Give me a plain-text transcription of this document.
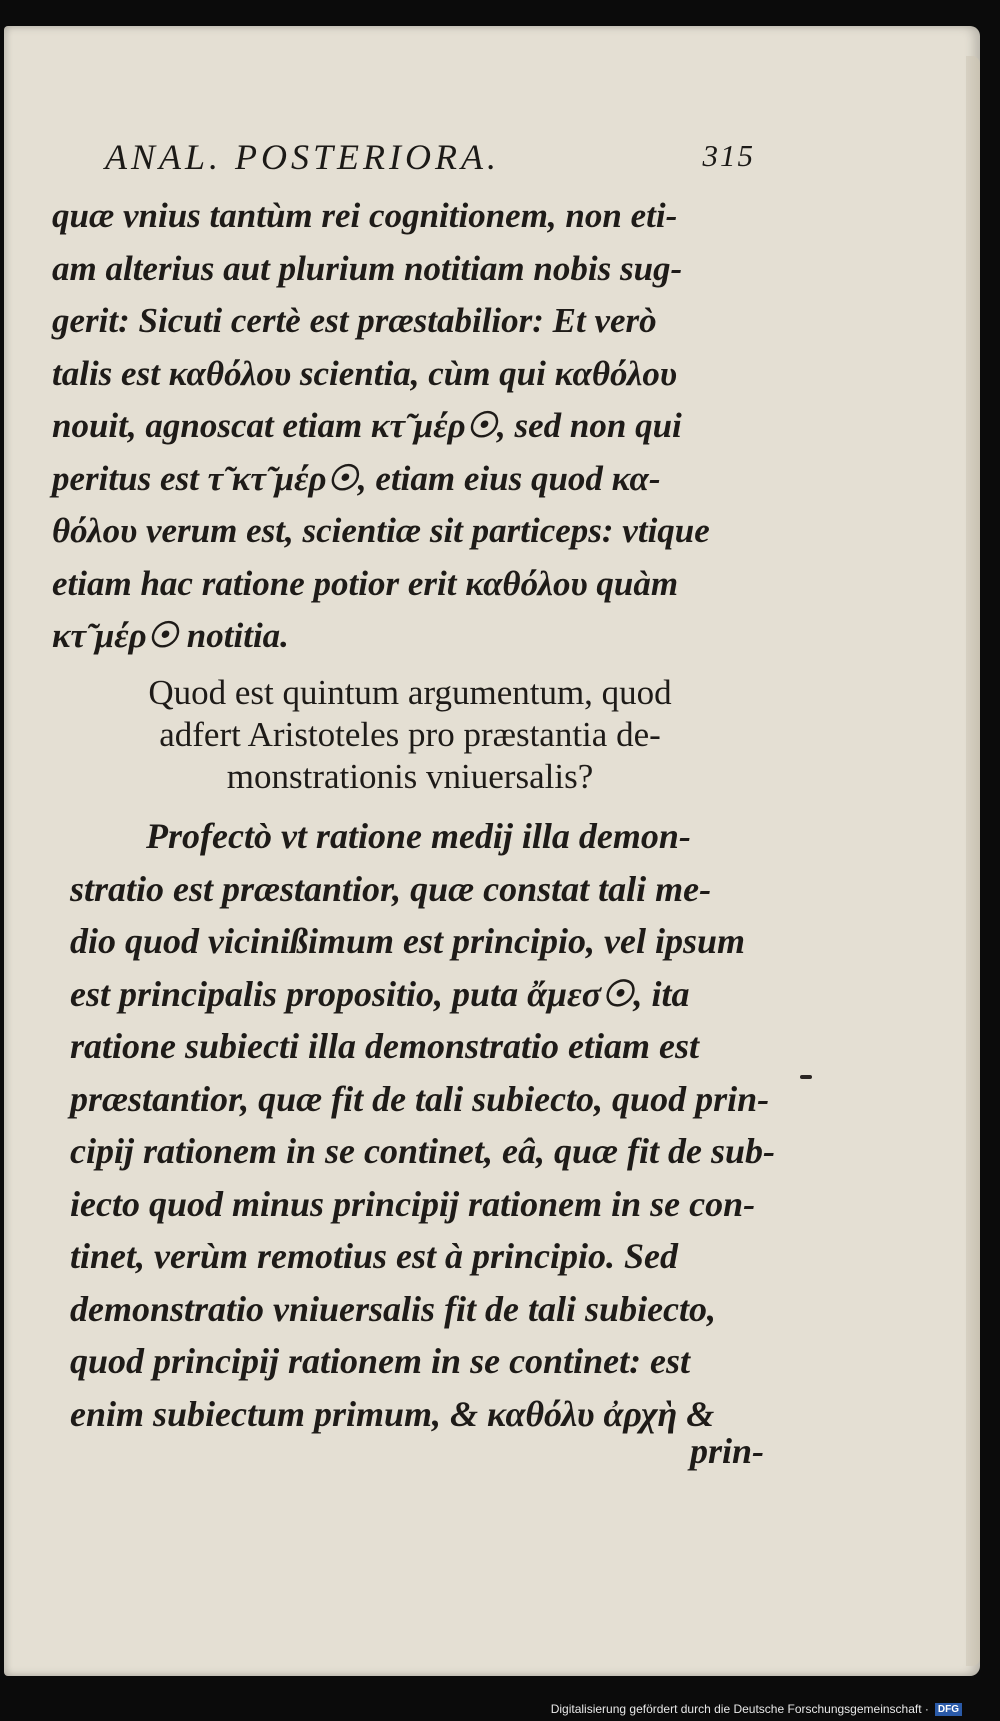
ANAL. POSTERIORA.	315
quæ vnius tantùm rei cognitionem, non eti-
am alterius aut plurium notitiam nobis sug-
gerit: Sicuti certè est præstabilior: Et verò
talis est καθόλου scientia, cùm qui καθόλου
nouit, agnoscat etiam κτ̃ μέρ☉, sed non qui
peritus est τ̃ κτ̃ μέρ☉, etiam eius quod κα-
θόλου verum est, scientiæ sit particeps: vtique
etiam hac ratione potior erit καθόλου quàm
κτ̃ μέρ☉ notitia.
Quod est quintum argumentum, quod
adfert Aristoteles pro præstantia de-
monstrationis vniuersalis?
Profectò vt ratione medij illa demon-
stratio est præstantior, quæ constat tali me-
dio quod vicinißimum est principio, vel ipsum
est principalis propositio, puta ἄμεσ☉, ita
ratione subiecti illa demonstratio etiam est
præstantior, quæ fit de tali subiecto, quod prin-
cipij rationem in se continet, eâ, quæ fit de sub-
iecto quod minus principij rationem in se con-
tinet, verùm remotius est à principio. Sed
demonstratio vniuersalis fit de tali subiecto,
quod principij rationem in se continet: est
enim subiectum primum, & καθόλυ ἀρχὴ &
prin-
Digitalisierung gefördert durch die Deutsche Forschungsgemeinschaft · DFG
